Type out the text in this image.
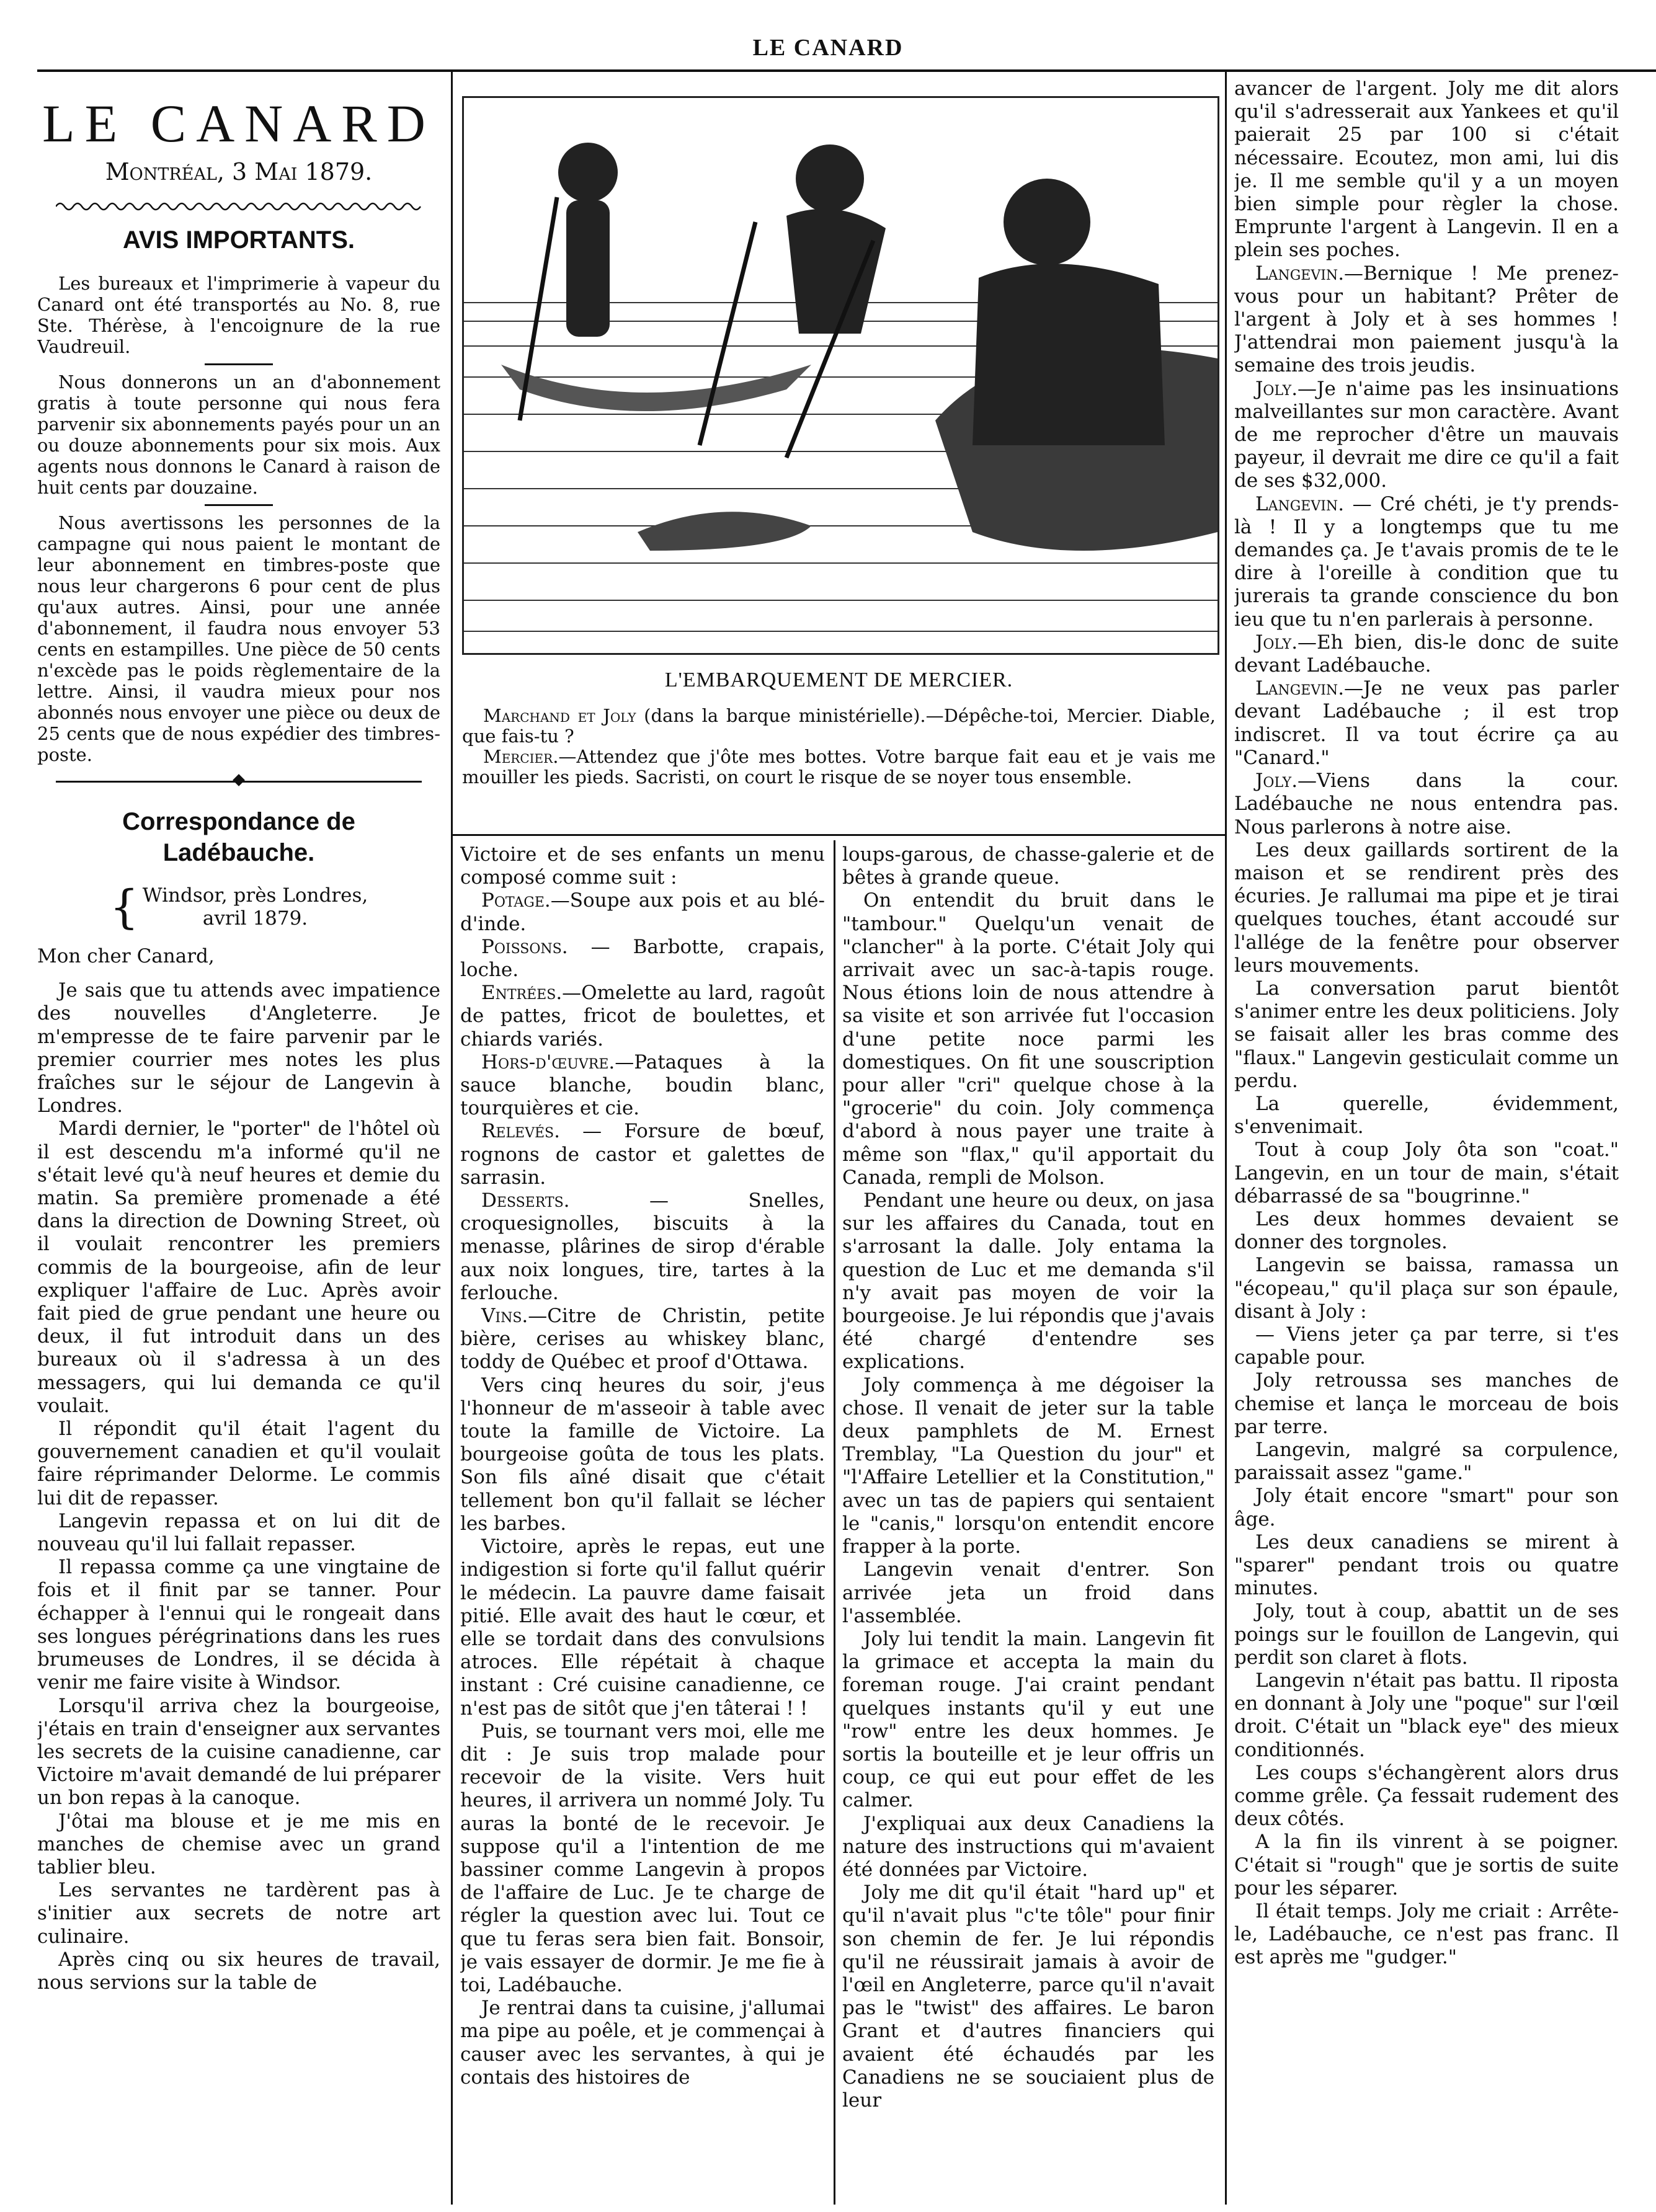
LE CANARD
LE CANARD
Montréal, 3 Mai 1879.
AVIS IMPORTANTS.

Les bureaux et l'imprimerie à vapeur du Canard ont été transportés au No. 8, rue Ste. Thérèse, à l'encoignure de la rue Vaudreuil.

Nous donnerons un an d'abonnement gratis à toute personne qui nous fera parvenir six abonnements payés pour un an ou douze abonnements pour six mois. Aux agents nous donnons le Canard à raison de huit cents par douzaine.

Nous avertissons les personnes de la campagne qui nous paient le montant de leur abonnement en timbres-poste que nous leur chargerons 6 pour cent de plus qu'aux autres. Ainsi, pour une année d'abonnement, il faudra nous envoyer 53 cents en estampilles. Une pièce de 50 cents n'excède pas le poids règlementaire de la lettre. Ainsi, il vaudra mieux pour nos abonnés nous envoyer une pièce ou deux de 25 cents que de nous expédier des timbres-poste.

Correspondance de Ladébauche.
{ Windsor, près Londres,
avril 1879.

Mon cher Canard,

Je sais que tu attends avec impatience des nouvelles d'Angleterre. Je m'empresse de te faire parvenir par le premier courrier mes notes les plus fraîches sur le séjour de Langevin à Londres.

Mardi dernier, le "porter" de l'hôtel où il est descendu m'a informé qu'il ne s'était levé qu'à neuf heures et demie du matin. Sa première promenade a été dans la direction de Downing Street, où il voulait rencontrer les premiers commis de la bourgeoise, afin de leur expliquer l'affaire de Luc. Après avoir fait pied de grue pendant une heure ou deux, il fut introduit dans un des bureaux où il s'adressa à un des messagers, qui lui demanda ce qu'il voulait.

Il répondit qu'il était l'agent du gouvernement canadien et qu'il voulait faire réprimander Delorme. Le commis lui dit de repasser.

Langevin repassa et on lui dit de nouveau qu'il lui fallait repasser.

Il repassa comme ça une vingtaine de fois et il finit par se tanner. Pour échapper à l'ennui qui le rongeait dans ses longues pérégrinations dans les rues brumeuses de Londres, il se décida à venir me faire visite à Windsor.

Lorsqu'il arriva chez la bourgeoise, j'étais en train d'enseigner aux servantes les secrets de la cuisine canadienne, car Victoire m'avait demandé de lui préparer un bon repas à la canoque.

J'ôtai ma blouse et je me mis en manches de chemise avec un grand tablier bleu.

Les servantes ne tardèrent pas à s'initier aux secrets de notre art culinaire.

Après cinq ou six heures de travail, nous servions sur la table de

L'EMBARQUEMENT DE MERCIER.

Marchand et Joly (dans la barque ministérielle).—Dépêche-toi, Mercier. Diable, que fais-tu ?

Mercier.—Attendez que j'ôte mes bottes. Votre barque fait eau et je vais me mouiller les pieds. Sacristi, on court le risque de se noyer tous ensemble.

Victoire et de ses enfants un menu composé comme suit :

Potage.—Soupe aux pois et au blé-d'inde.

Poissons. — Barbotte, crapais, loche.

Entrées.—Omelette au lard, ragoût de pattes, fricot de boulettes, et chiards variés.

Hors-d'œuvre.—Pataques à la sauce blanche, boudin blanc, tourquières et cie.

Relevés. — Forsure de bœuf, rognons de castor et galettes de sarrasin.

Desserts. — Snelles, croquesignolles, biscuits à la menasse, plârines de sirop d'érable aux noix longues, tire, tartes à la ferlouche.

Vins.—Citre de Christin, petite bière, cerises au whiskey blanc, toddy de Québec et proof d'Ottawa.

Vers cinq heures du soir, j'eus l'honneur de m'asseoir à table avec toute la famille de Victoire. La bourgeoise goûta de tous les plats. Son fils aîné disait que c'était tellement bon qu'il fallait se lécher les barbes.

Victoire, après le repas, eut une indigestion si forte qu'il fallut quérir le médecin. La pauvre dame faisait pitié. Elle avait des haut le cœur, et elle se tordait dans des convulsions atroces. Elle répétait à chaque instant : Cré cuisine canadienne, ce n'est pas de sitôt que j'en tâterai ! !

Puis, se tournant vers moi, elle me dit : Je suis trop malade pour recevoir de la visite. Vers huit heures, il arrivera un nommé Joly. Tu auras la bonté de le recevoir. Je suppose qu'il a l'intention de me bassiner comme Langevin à propos de l'affaire de Luc. Je te charge de régler la question avec lui. Tout ce que tu feras sera bien fait. Bonsoir, je vais essayer de dormir. Je me fie à toi, Ladébauche.

Je rentrai dans ta cuisine, j'allumai ma pipe au poêle, et je commençai à causer avec les servantes, à qui je contais des histoires de

loups-garous, de chasse-galerie et de bêtes à grande queue.

On entendit du bruit dans le "tambour." Quelqu'un venait de "clancher" à la porte. C'était Joly qui arrivait avec un sac-à-tapis rouge. Nous étions loin de nous attendre à sa visite et son arrivée fut l'occasion d'une petite noce parmi les domestiques. On fit une souscription pour aller "cri" quelque chose à la "grocerie" du coin. Joly commença d'abord à nous payer une traite à même son "flax," qu'il apportait du Canada, rempli de Molson.

Pendant une heure ou deux, on jasa sur les affaires du Canada, tout en s'arrosant la dalle. Joly entama la question de Luc et me demanda s'il n'y avait pas moyen de voir la bourgeoise. Je lui répondis que j'avais été chargé d'entendre ses explications.

Joly commença à me dégoiser la chose. Il venait de jeter sur la table deux pamphlets de M. Ernest Tremblay, "La Question du jour" et "l'Affaire Letellier et la Constitution," avec un tas de papiers qui sentaient le "canis," lorsqu'on entendit encore frapper à la porte.

Langevin venait d'entrer. Son arrivée jeta un froid dans l'assemblée.

Joly lui tendit la main. Langevin fit la grimace et accepta la main du foreman rouge. J'ai craint pendant quelques instants qu'il y eut une "row" entre les deux hommes. Je sortis la bouteille et je leur offris un coup, ce qui eut pour effet de les calmer.

J'expliquai aux deux Canadiens la nature des instructions qui m'avaient été données par Victoire.

Joly me dit qu'il était "hard up" et qu'il n'avait plus "c'te tôle" pour finir son chemin de fer. Je lui répondis qu'il ne réussirait jamais à avoir de l'œil en Angleterre, parce qu'il n'avait pas le "twist" des affaires. Le baron Grant et d'autres financiers qui avaient été échaudés par les Canadiens ne se souciaient plus de leur

avancer de l'argent. Joly me dit alors qu'il s'adresserait aux Yankees et qu'il paierait 25 par 100 si c'était nécessaire. Ecoutez, mon ami, lui dis je. Il me semble qu'il y a un moyen bien simple pour règler la chose. Emprunte l'argent à Langevin. Il en a plein ses poches.

Langevin.—Bernique ! Me prenez-vous pour un habitant? Prêter de l'argent à Joly et à ses hommes ! J'attendrai mon paiement jusqu'à la semaine des trois jeudis.

Joly.—Je n'aime pas les insinuations malveillantes sur mon caractère. Avant de me reprocher d'être un mauvais payeur, il devrait me dire ce qu'il a fait de ses $32,000.

Langevin. — Cré chéti, je t'y prends-là ! Il y a longtemps que tu me demandes ça. Je t'avais promis de te le dire à l'oreille à condition que tu jurerais ta grande conscience du bon ieu que tu n'en parlerais à personne.

Joly.—Eh bien, dis-le donc de suite devant Ladébauche.

Langevin.—Je ne veux pas parler devant Ladébauche ; il est trop indiscret. Il va tout écrire ça au "Canard."

Joly.—Viens dans la cour. Ladébauche ne nous entendra pas. Nous parlerons à notre aise.

Les deux gaillards sortirent de la maison et se rendirent près des écuries. Je rallumai ma pipe et je tirai quelques touches, étant accoudé sur l'allége de la fenêtre pour observer leurs mouvements.

La conversation parut bientôt s'animer entre les deux politiciens. Joly se faisait aller les bras comme des "flaux." Langevin gesticulait comme un perdu.

La querelle, évidemment, s'envenimait.

Tout à coup Joly ôta son "coat." Langevin, en un tour de main, s'était débarrassé de sa "bougrinne."

Les deux hommes devaient se donner des torgnoles.

Langevin se baissa, ramassa un "écopeau," qu'il plaça sur son épaule, disant à Joly :

— Viens jeter ça par terre, si t'es capable pour.

Joly retroussa ses manches de chemise et lança le morceau de bois par terre.

Langevin, malgré sa corpulence, paraissait assez "game."

Joly était encore "smart" pour son âge.

Les deux canadiens se mirent à "sparer" pendant trois ou quatre minutes.

Joly, tout à coup, abattit un de ses poings sur le fouillon de Langevin, qui perdit son claret à flots.

Langevin n'était pas battu. Il riposta en donnant à Joly une "poque" sur l'œil droit. C'était un "black eye" des mieux conditionnés.

Les coups s'échangèrent alors drus comme grêle. Ça fessait rudement des deux côtés.

A la fin ils vinrent à se poigner. C'était si "rough" que je sortis de suite pour les séparer.

Il était temps. Joly me criait : Arrête-le, Ladébauche, ce n'est pas franc. Il est après me "gudger."
